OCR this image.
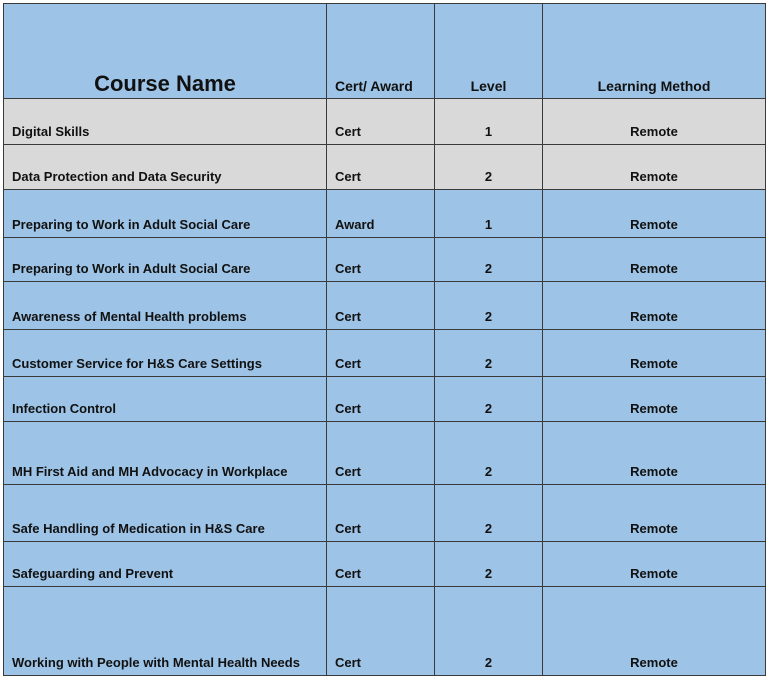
Course Name	Cert/ Award	Level	Learning Method
Digital Skills	Cert	1	Remote
Data Protection and Data Security	Cert	2	Remote
Preparing to Work in Adult Social Care	Award	1	Remote
Preparing to Work in Adult Social Care	Cert	2	Remote
Awareness of Mental Health problems	Cert	2	Remote
Customer Service for H&S Care Settings	Cert	2	Remote
Infection Control	Cert	2	Remote
MH First Aid and MH Advocacy in Workplace	Cert	2	Remote
Safe Handling of Medication in H&S Care	Cert	2	Remote
Safeguarding and Prevent	Cert	2	Remote
Working with People with Mental Health Needs	Cert	2	Remote
